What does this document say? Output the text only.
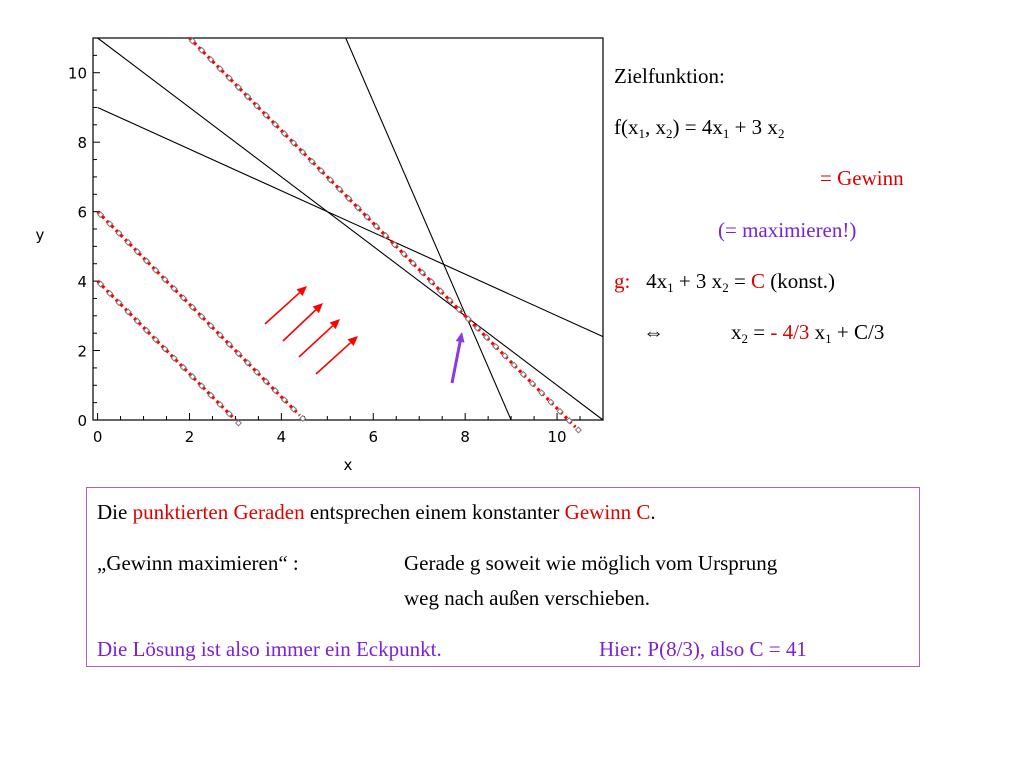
0	2	4	6	8	10
0
2
4
6
8
10
x
y
Zielfunktion:
$f(x_1$, $x_2) = 4x_1 + 3$ $x_2$
= Gewinn
(= maximieren!)
g: $4x_1 + 3$ $x_2 = C$ (konst.)
⇔	$x_2$ = - 4/3 $x_1 + C/3$
Die punktierten Geraden entsprechen einem konstanter Gewinn C.
„Gewinn maximieren“ :	Gerade g soweit wie möglich vom Ursprung
weg nach außen verschieben.
Die Lösung ist also immer ein Eckpunkt.	Hier: P(8/3), also C = 41
